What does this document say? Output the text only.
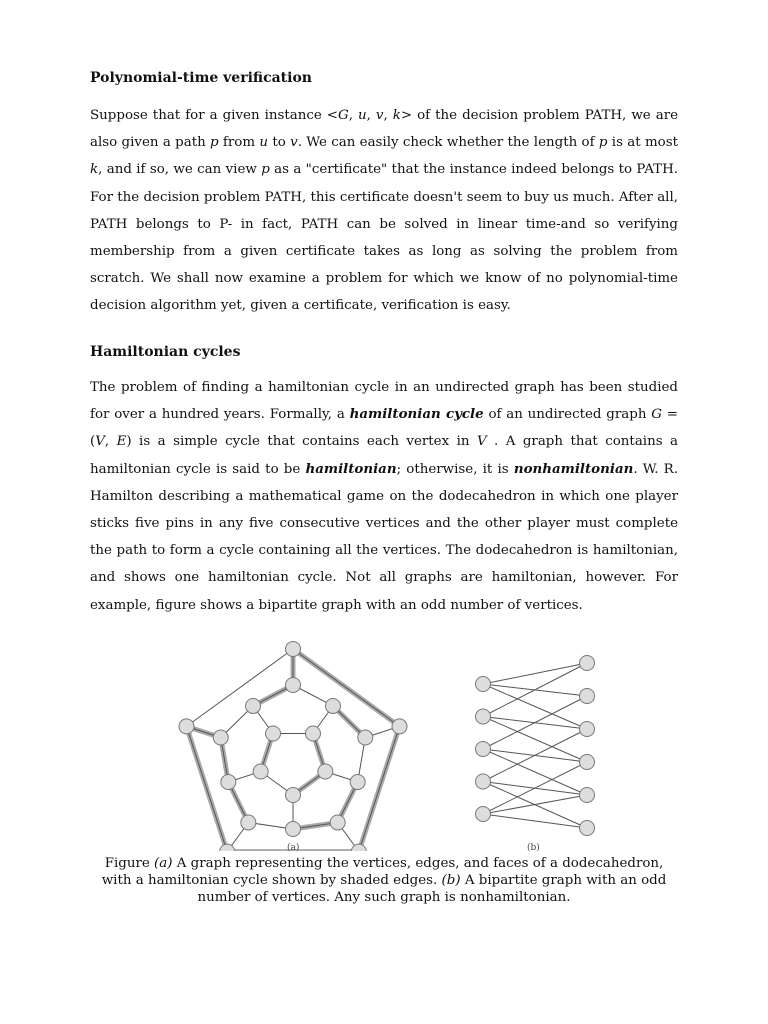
Polynomial-time verification

Suppose that for a given instance <G, u, v, k> of the decision problem PATH, we are also given a path p from u to v. We can easily check whether the length of p is at most k, and if so, we can view p as a "certificate" that the instance indeed belongs to PATH. For the decision problem PATH, this certificate doesn't seem to buy us much. After all, PATH belongs to P- in fact, PATH can be solved in linear time-and so verifying membership from a given certificate takes as long as solving the problem from scratch. We shall now examine a problem for which we know of no polynomial-time decision algorithm yet, given a certificate, verification is easy.

Hamiltonian cycles

The problem of finding a hamiltonian cycle in an undirected graph has been studied for over a hundred years. Formally, a hamiltonian cycle of an undirected graph G = (V, E) is a simple cycle that contains each vertex in V . A graph that contains a hamiltonian cycle is said to be hamiltonian; otherwise, it is nonhamiltonian. W. R. Hamilton describing a mathematical game on the dodecahedron in which one player sticks five pins in any five consecutive vertices and the other player must complete the path to form a cycle containing all the vertices. The dodecahedron is hamiltonian, and shows one hamiltonian cycle. Not all graphs are hamiltonian, however. For example, figure shows a bipartite graph with an odd number of vertices.

(a)	(b)
Figure (a) A graph representing the vertices, edges, and faces of a dodecahedron, with a hamiltonian cycle shown by shaded edges. (b) A bipartite graph with an odd number of vertices. Any such graph is nonhamiltonian.
